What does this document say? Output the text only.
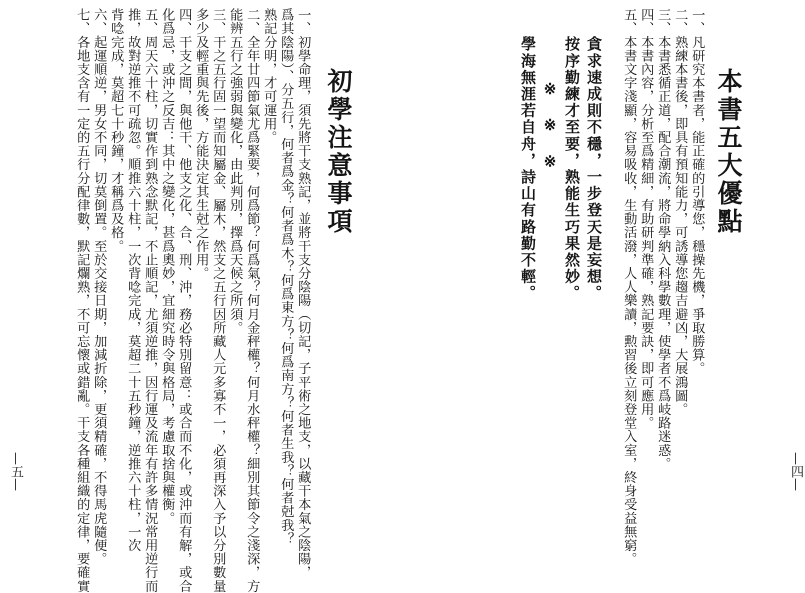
本書五大優點
一、凡研究本書者，能正確的引導您，穩操先機，爭取勝算。
二、熟練本書後，即具有預知能力，可誘導您趨吉避凶，大展鴻圖。
三、本書悉循正道，配合潮流，將命學納入科學數理，使學者不爲岐路迷惑。
四、本書內容，分析至爲精細，有助研判準確，熟記要訣，即可應用。
五、本書文字淺顯，容易吸收，生動活潑，人人樂讀，勲習後立刻登堂入室，終身受益無窮。
貪求速成則不穩，一步登天是妄想。
按序勤練才至要，熟能生巧果然妙。
※　※　※
學海無涯若自舟，詩山有路勤不輕。
—四—
初學注意事項
一、初學命理，須先將干支熟記，並將干支分陰陽（切記，子平術之地支，以藏干本氣之陰陽，
爲其陰陽）、分五行，何者爲金？何者爲木？何爲東方？何爲南方？何者生我？何者尅我？
熟記分明，才可運用。
二、全年廿四節氣尤爲緊要，何爲節？何爲氣？何月金秤權？何月水秤權？細別其節令之淺深，方
能辨五行之強弱與變化，由此判別，擇爲天候之所須。
三、干之五行固一望而知屬金、屬木，然支之五行因所藏人元多寡不一，必須再深入予以分別數量
多少及輕重與先後，方能決定其生尅之作用。
四、干支之間，與他干、他支之化、合、刑、沖，務必特別留意：或合而不化，或沖而有解，或合
化爲忌，或沖之反吉：其中之變化，甚爲奧妙，宜細究時令與格局，考慮取捨與權衡。
五、周天六十柱，切實作到熟念默記，不止順記，尤須逆推，因行運及流年有許多情況常用逆行而
推，故對逆推不可疏忽。順推六十柱，一次背唸完成，莫超二十五秒鐘，逆推六十柱，一次
背唸完成，莫超七十秒鐘，才稱爲及格。
六、起運順逆，男女不同，切莫倒置。至於交接日期，加減折除，更須精確，不得馬虎隨便。
七、各地支含有一定的五行分配律數，默記爛熟，不可忘懷或錯亂。干支各種組織的定律，要確實
—五—
